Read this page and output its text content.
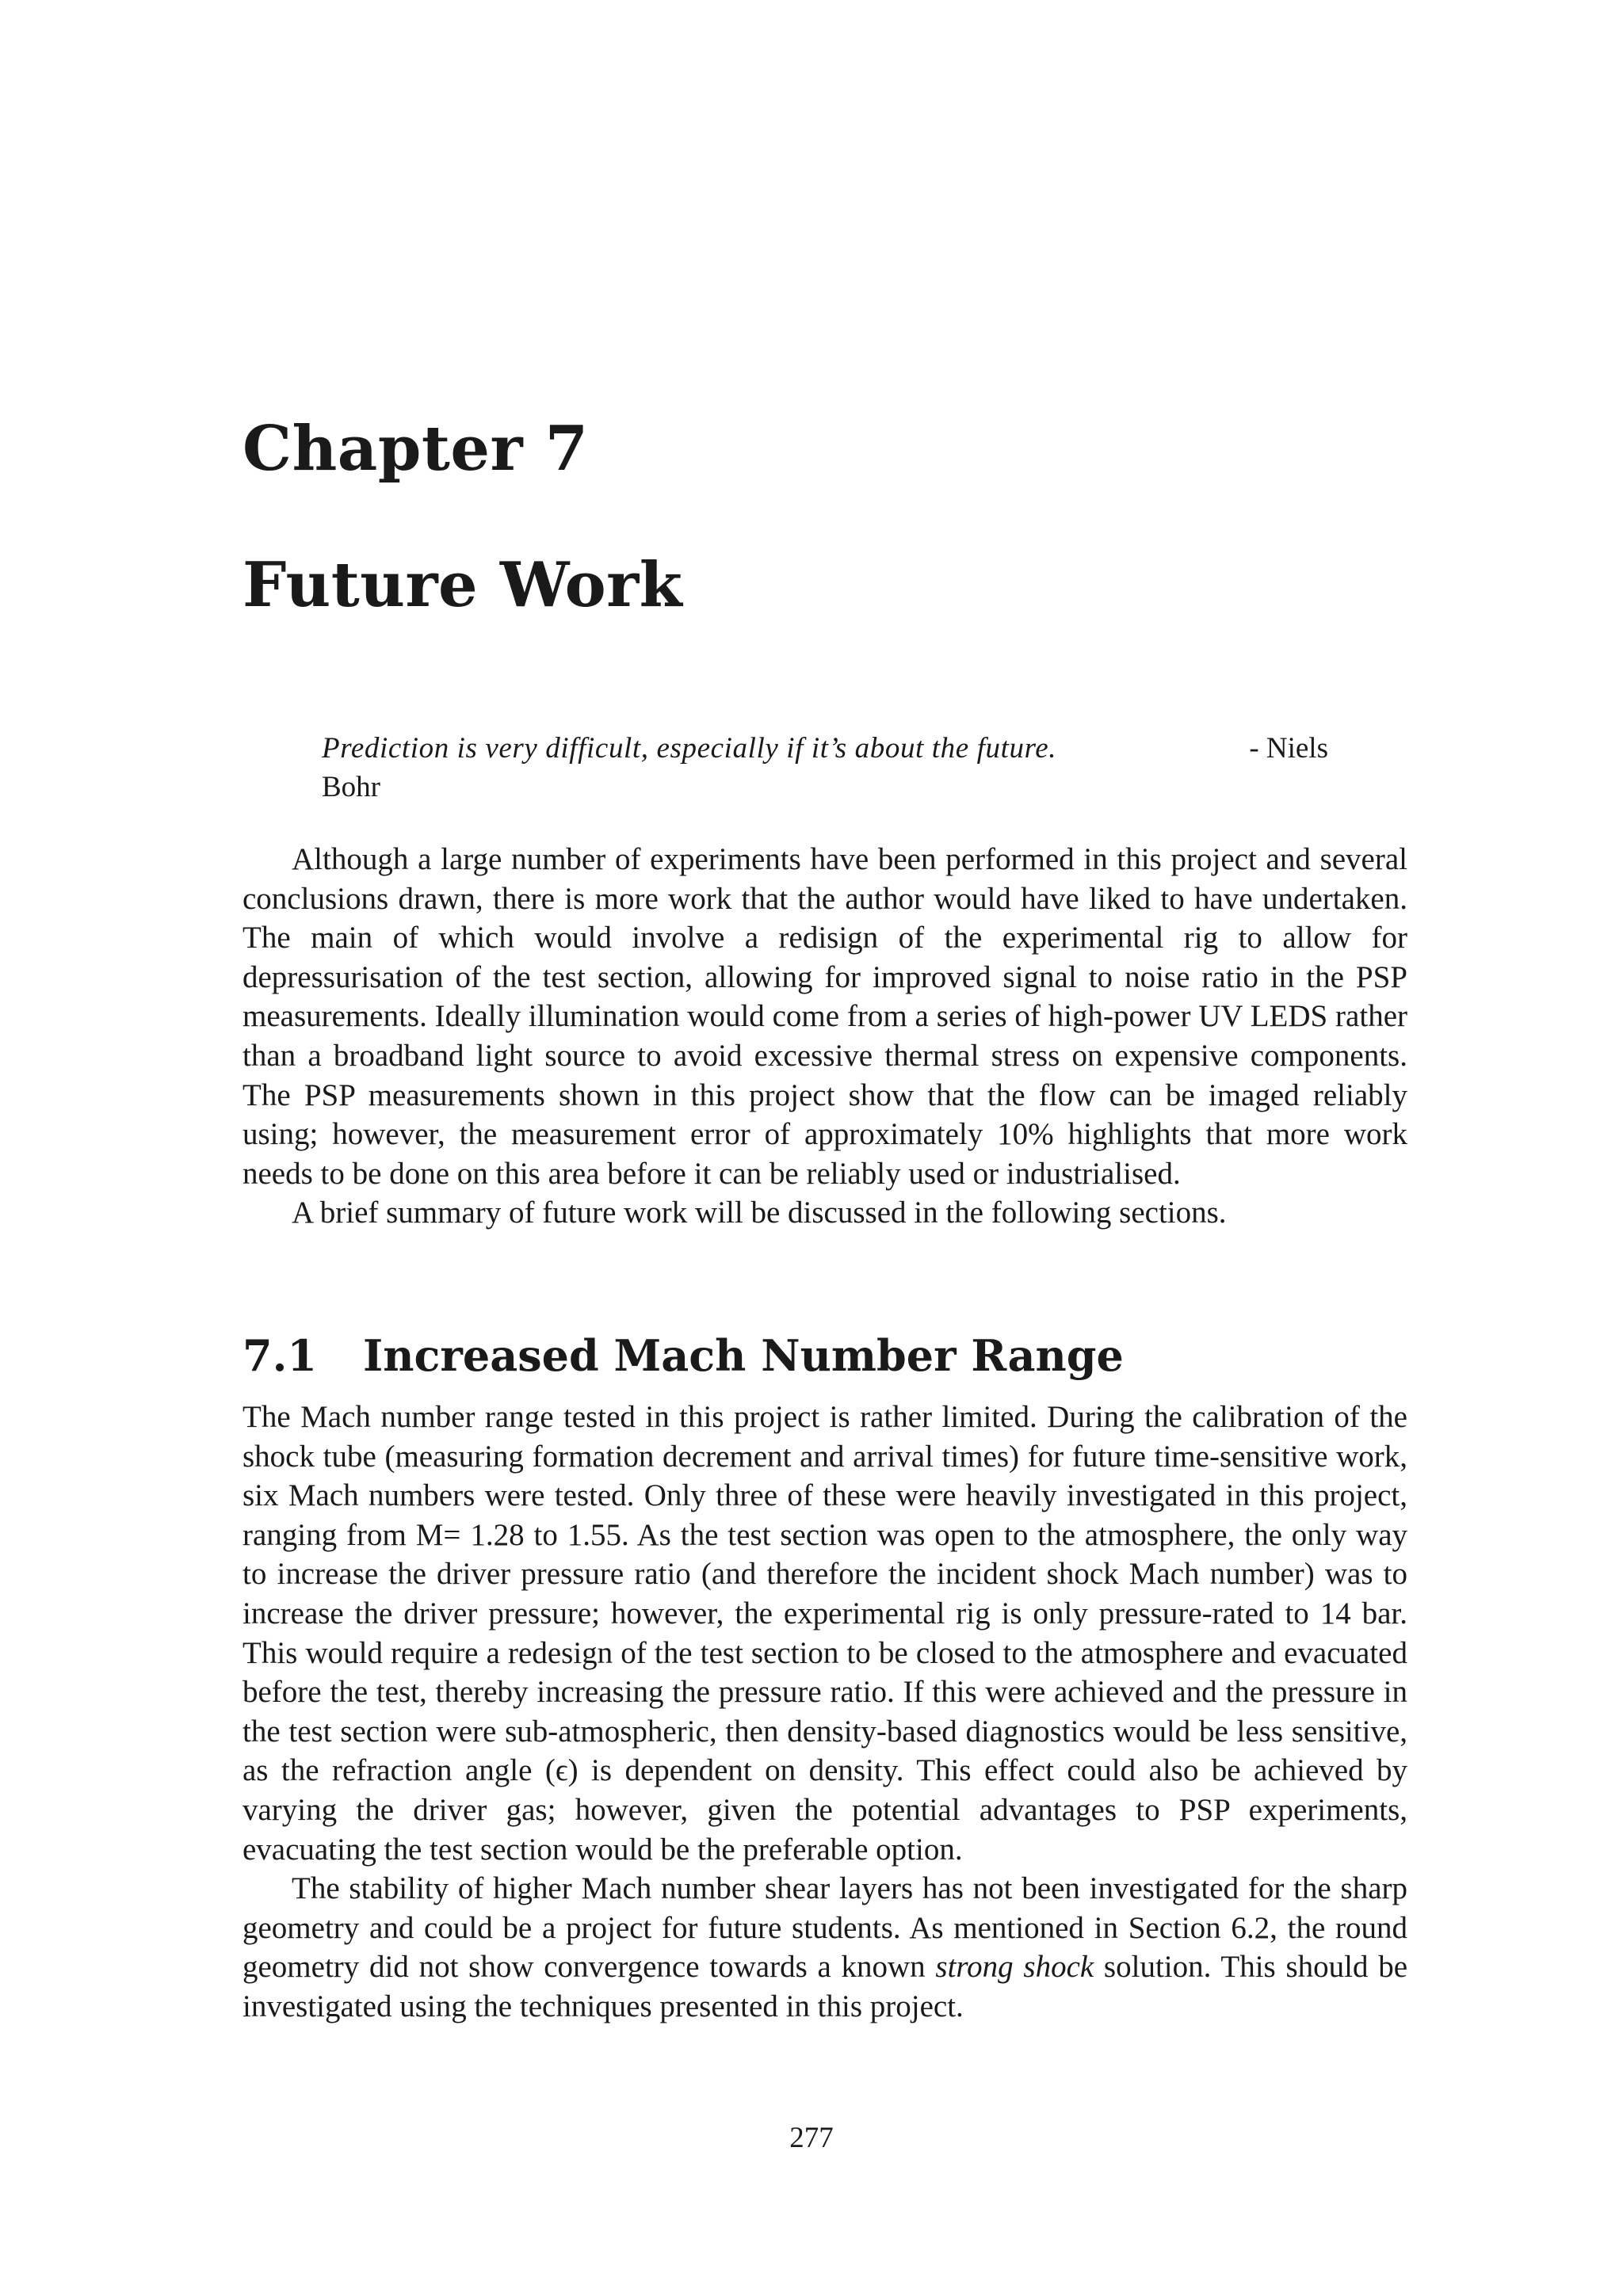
Chapter 7
Future Work
- Niels
Prediction is very difficult, especially if it’s about the future.
Bohr

Although a large number of experiments have been performed in this project and several conclusions drawn, there is more work that the author would have liked to have undertaken. The main of which would involve a redisign of the experimental rig to allow for depressurisation of the test section, allowing for improved signal to noise ratio in the PSP measurements. Ideally illumination would come from a series of high-power UV LEDS rather than a broadband light source to avoid excessive thermal stress on expensive components. The PSP measurements shown in this project show that the flow can be imaged reliably using; however, the measurement error of approximately 10% highlights that more work needs to be done on this area before it can be reliably used or industrialised.

A brief summary of future work will be discussed in the following sections.

7.1 Increased Mach Number Range

The Mach number range tested in this project is rather limited. During the calibration of the shock tube (measuring formation decrement and arrival times) for future time-sensitive work, six Mach numbers were tested. Only three of these were heavily investigated in this project, ranging from M= 1.28 to 1.55. As the test section was open to the atmosphere, the only way to increase the driver pressure ratio (and therefore the incident shock Mach number) was to increase the driver pressure; however, the experimental rig is only pressure-rated to 14 bar. This would require a redesign of the test section to be closed to the atmosphere and evacuated before the test, thereby increasing the pressure ratio. If this were achieved and the pressure in the test section were sub-atmospheric, then density-based diagnostics would be less sensitive, as the refraction angle (ϵ) is dependent on density. This effect could also be achieved by varying the driver gas; however, given the potential advantages to PSP experiments, evacuating the test section would be the preferable option.

The stability of higher Mach number shear layers has not been investigated for the sharp geometry and could be a project for future students. As mentioned in Section 6.2, the round geometry did not show convergence towards a known strong shock solution. This should be investigated using the techniques presented in this project.

277
